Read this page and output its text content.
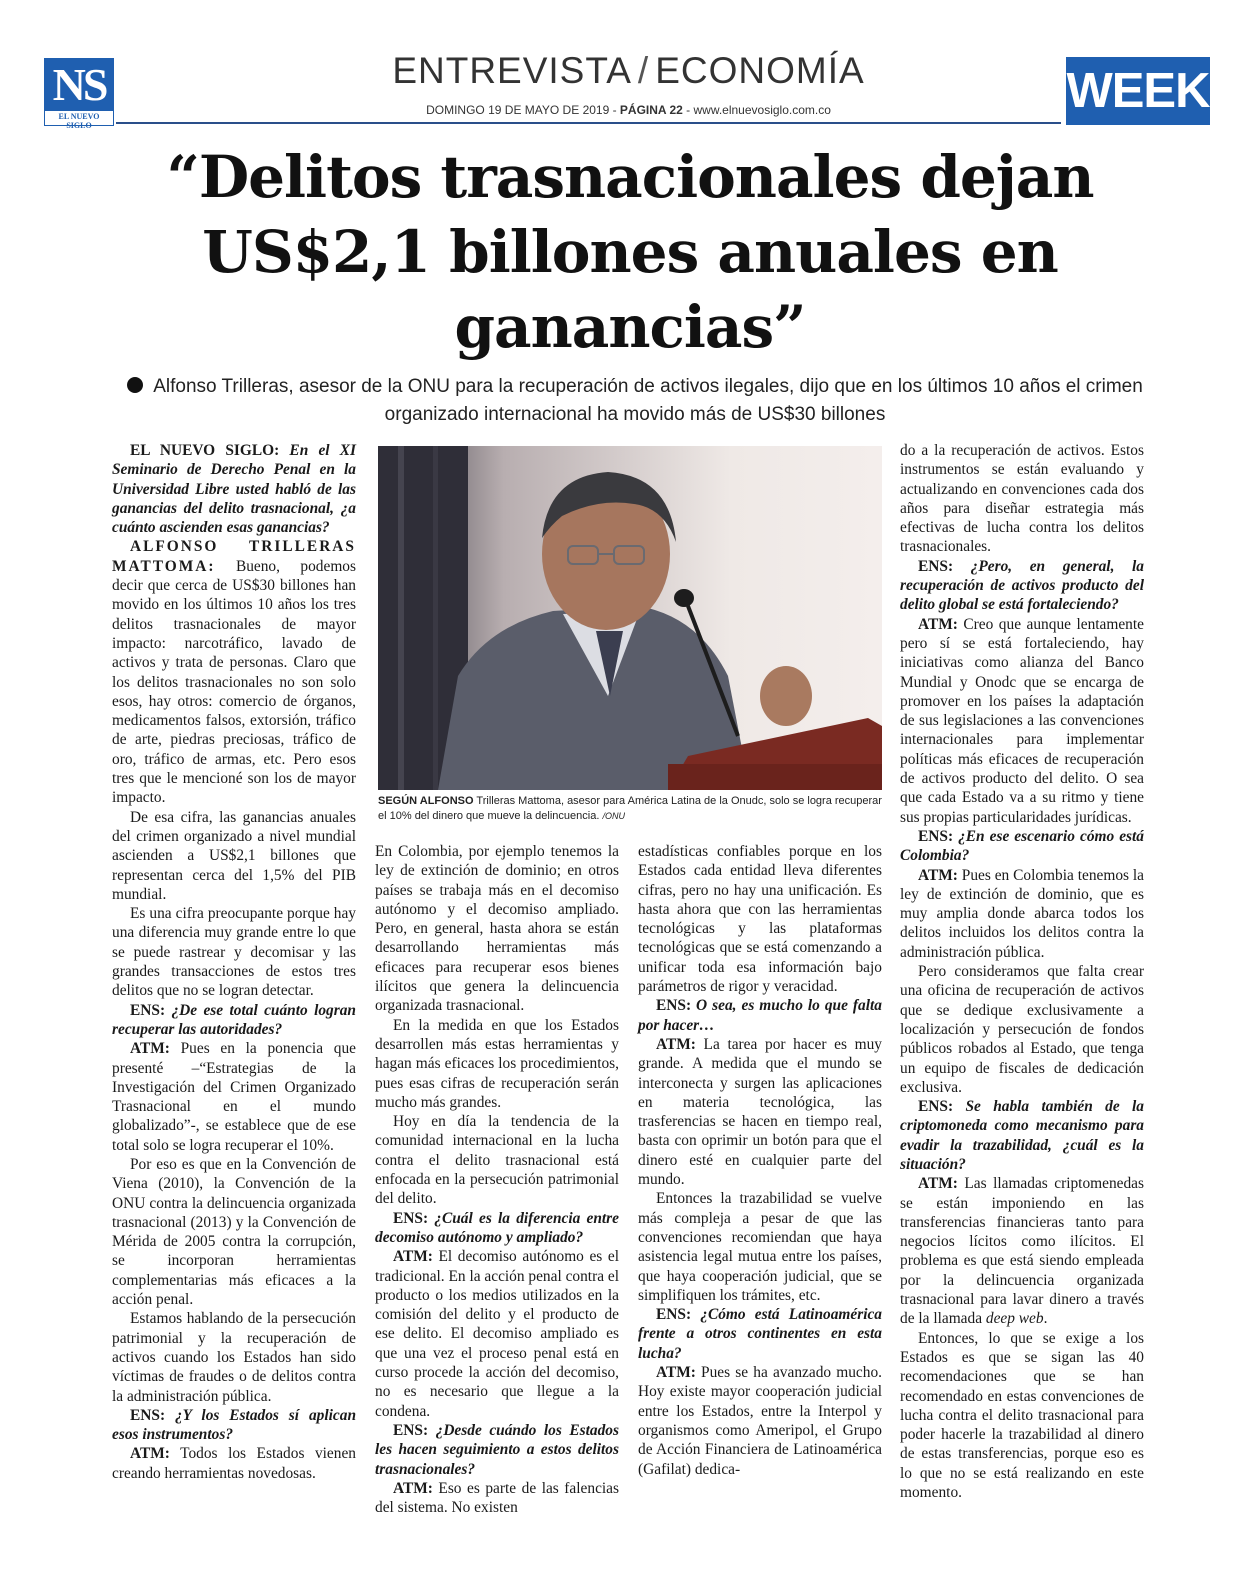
NS
EL NUEVO SIGLO
ENTREVISTA / ECONOMÍA
DOMINGO 19 DE MAYO DE 2019 - PÁGINA 22 - www.elnuevosiglo.com.co	WEEK
“Delitos trasnacionales dejan US$2,1 billones anuales en ganancias”
Alfonso Trilleras, asesor de la ONU para la recuperación de activos ilegales, dijo que en los últimos 10 años el crimen organizado internacional ha movido más de US$30 billones

EL NUEVO SIGLO: En el XI Seminario de Derecho Penal en la Universidad Libre usted habló de las ganancias del delito trasnacional, ¿a cuánto ascienden esas ganancias?

ALFONSO TRILLERAS MATTOMA: Bueno, podemos decir que cerca de US$30 billones han movido en los últimos 10 años los tres delitos trasnacionales de mayor impacto: narcotráfico, lavado de activos y trata de personas. Claro que los delitos trasnacionales no son solo esos, hay otros: comercio de órganos, medicamentos falsos, extorsión, tráfico de arte, piedras preciosas, tráfico de oro, tráfico de armas, etc. Pero esos tres que le mencioné son los de mayor impacto.

De esa cifra, las ganancias anuales del crimen organizado a nivel mundial ascienden a US$2,1 billones que representan cerca del 1,5% del PIB mundial.

Es una cifra preocupante porque hay una diferencia muy grande entre lo que se puede rastrear y decomisar y las grandes transacciones de estos tres delitos que no se logran detectar.

ENS: ¿De ese total cuánto logran recuperar las autoridades?

ATM: Pues en la ponencia que presenté –“Estrategias de la Investigación del Crimen Organizado Trasnacional en el mundo globalizado”-, se establece que de ese total solo se logra recuperar el 10%.

Por eso es que en la Convención de Viena (2010), la Convención de la ONU contra la delincuencia organizada trasnacional (2013) y la Convención de Mérida de 2005 contra la corrupción, se incorporan herramientas complementarias más eficaces a la acción penal.

Estamos hablando de la persecución patrimonial y la recuperación de activos cuando los Estados han sido víctimas de fraudes o de delitos contra la administración pública.

ENS: ¿Y los Estados sí aplican esos instrumentos?

ATM: Todos los Estados vienen creando herramientas novedosas.

SEGÚN ALFONSO Trilleras Mattoma, asesor para América Latina de la Onudc, solo se logra recuperar el 10% del dinero que mueve la delincuencia. /ONU

En Colombia, por ejemplo tenemos la ley de extinción de dominio; en otros países se trabaja más en el decomiso autónomo y el decomiso ampliado. Pero, en general, hasta ahora se están desarrollando herramientas más eficaces para recuperar esos bienes ilícitos que genera la delincuencia organizada trasnacional.

En la medida en que los Estados desarrollen más estas herramientas y hagan más eficaces los procedimientos, pues esas cifras de recuperación serán mucho más grandes.

Hoy en día la tendencia de la comunidad internacional en la lucha contra el delito trasnacional está enfocada en la persecución patrimonial del delito.

ENS: ¿Cuál es la diferencia entre decomiso autónomo y ampliado?

ATM: El decomiso autónomo es el tradicional. En la acción penal contra el producto o los medios utilizados en la comisión del delito y el producto de ese delito. El decomiso ampliado es que una vez el proceso penal está en curso procede la acción del decomiso, no es necesario que llegue a la condena.

ENS: ¿Desde cuándo los Estados les hacen seguimiento a estos delitos trasnacionales?

ATM: Eso es parte de las falencias del sistema. No existen

estadísticas confiables porque en los Estados cada entidad lleva diferentes cifras, pero no hay una unificación. Es hasta ahora que con las herramientas tecnológicas y las plataformas tecnológicas que se está comenzando a unificar toda esa información bajo parámetros de rigor y veracidad.

ENS: O sea, es mucho lo que falta por hacer…

ATM: La tarea por hacer es muy grande. A medida que el mundo se interconecta y surgen las aplicaciones en materia tecnológica, las trasferencias se hacen en tiempo real, basta con oprimir un botón para que el dinero esté en cualquier parte del mundo.

Entonces la trazabilidad se vuelve más compleja a pesar de que las convenciones recomiendan que haya asistencia legal mutua entre los países, que haya cooperación judicial, que se simplifiquen los trámites, etc.

ENS: ¿Cómo está Latinoamérica frente a otros continentes en esta lucha?

ATM: Pues se ha avanzado mucho. Hoy existe mayor cooperación judicial entre los Estados, entre la Interpol y organismos como Ameripol, el Grupo de Acción Financiera de Latinoamérica (Gafilat) dedica-

do a la recuperación de activos. Estos instrumentos se están evaluando y actualizando en convenciones cada dos años para diseñar estrategia más efectivas de lucha contra los delitos trasnacionales.

ENS: ¿Pero, en general, la recuperación de activos producto del delito global se está fortaleciendo?

ATM: Creo que aunque lentamente pero sí se está fortaleciendo, hay iniciativas como alianza del Banco Mundial y Onodc que se encarga de promover en los países la adaptación de sus legislaciones a las convenciones internacionales para implementar políticas más eficaces de recuperación de activos producto del delito. O sea que cada Estado va a su ritmo y tiene sus propias particularidades jurídicas.

ENS: ¿En ese escenario cómo está Colombia?

ATM: Pues en Colombia tenemos la ley de extinción de dominio, que es muy amplia donde abarca todos los delitos incluidos los delitos contra la administración pública.

Pero consideramos que falta crear una oficina de recuperación de activos que se dedique exclusivamente a localización y persecución de fondos públicos robados al Estado, que tenga un equipo de fiscales de dedicación exclusiva.

ENS: Se habla también de la criptomoneda como mecanismo para evadir la trazabilidad, ¿cuál es la situación?

ATM: Las llamadas criptomenedas se están imponiendo en las transferencias financieras tanto para negocios lícitos como ilícitos. El problema es que está siendo empleada por la delincuencia organizada trasnacional para lavar dinero a través de la llamada deep web.

Entonces, lo que se exige a los Estados es que se sigan las 40 recomendaciones que se han recomendado en estas convenciones de lucha contra el delito trasnacional para poder hacerle la trazabilidad al dinero de estas transferencias, porque eso es lo que no se está realizando en este momento.
